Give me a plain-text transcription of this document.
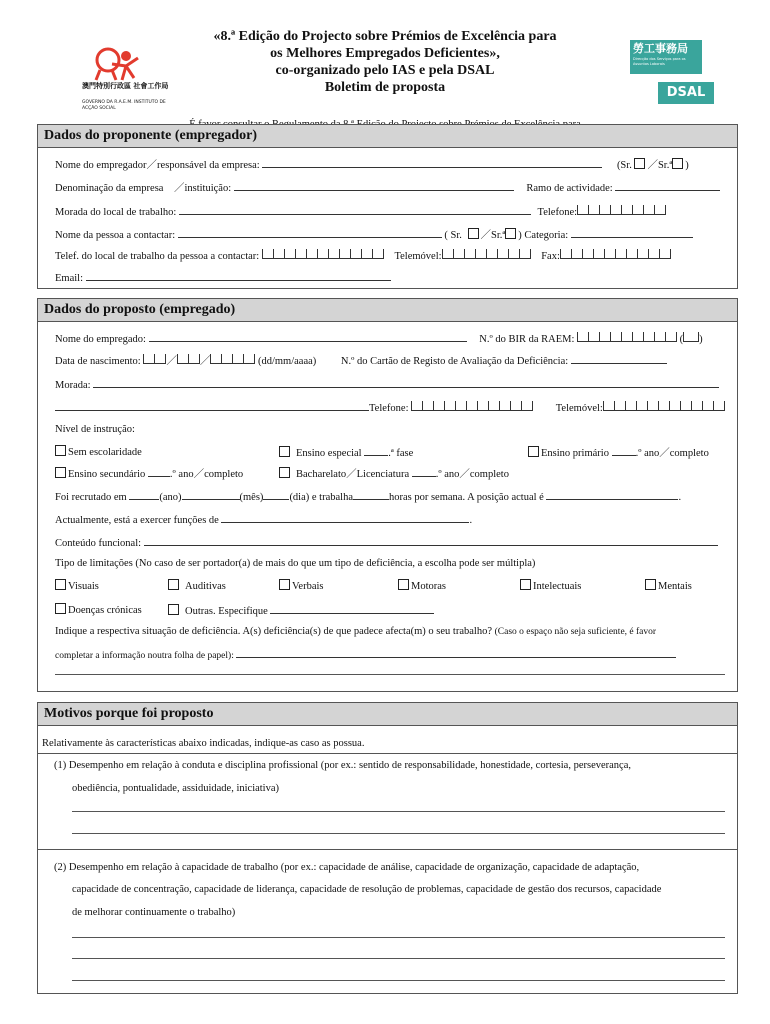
澳門特別行政區 社會工作局
GOVERNO DA R.A.E.M. INSTITUTO DE ACÇÃO SOCIAL
«8.ª Edição do Projecto sobre Prémios de Excelência para
os Melhores Empregados Deficientes»,
co-organizado pelo IAS e pela DSAL
Boletim de proposta
勞工事務局
Direcção dos Serviços para os Assuntos Laborais
DSAL
Dados do proponente (empregador)
Nome do empregador／responsável da empresa:	(Sr. ／Sr.ª )
Denominação da empresa　／instituição:	Ramo de actividade:
Morada do local de trabalho:	Telefone:
Nome da pessoa a contactar:	( Sr. ／Sr.ª ) Categoria:
Telef. do local de trabalho da pessoa a contactar:	Telemóvel:	Fax:
Email:
Dados do proposto (empregado)
Nome do empregado:	N.º do BIR da RAEM:	( )
Data de nascimento: ／ ／	(dd/mm/aaaa) N.º do Cartão de Registo de Avaliação da Deficiência:
Morada:
Telefone:	Telemóvel:
Nível de instrução:
Sem escolaridade	Ensino especial	.ª fase	Ensino primário	.º ano／completo
Ensino secundário .º ano／completo	Bacharelato／Licenciatura	.º ano／completo
Foi recrutado em	(ano)	(mês) (dia) e trabalha	horas por semana. A posição actual é	.
Actualmente, está a exercer funções de	.
Conteúdo funcional:
Tipo de limitações (No caso de ser portador(a) de mais do que um tipo de deficiência, a escolha pode ser múltipla)
Visuais	Auditivas	Verbais	Motoras	Intelectuais	Mentais
Doenças crónicas	Outras. Especifique
Indique a respectiva situação de deficiência. A(s) deficiência(s) de que padece afecta(m) o seu trabalho? (Caso o espaço não seja suficiente, é favor
completar a informação noutra folha de papel):
Motivos porque foi proposto
Relativamente às características abaixo indicadas, indique-as caso as possua.
(1) Desempenho em relação à conduta e disciplina profissional (por ex.: sentido de responsabilidade, honestidade, cortesia, perseverança,
obediência, pontualidade, assiduidade, iniciativa)
(2) Desempenho em relação à capacidade de trabalho (por ex.: capacidade de análise, capacidade de organização, capacidade de adaptação,
capacidade de concentração, capacidade de liderança, capacidade de resolução de problemas, capacidade de gestão dos recursos, capacidade
de melhorar continuamente o trabalho)
